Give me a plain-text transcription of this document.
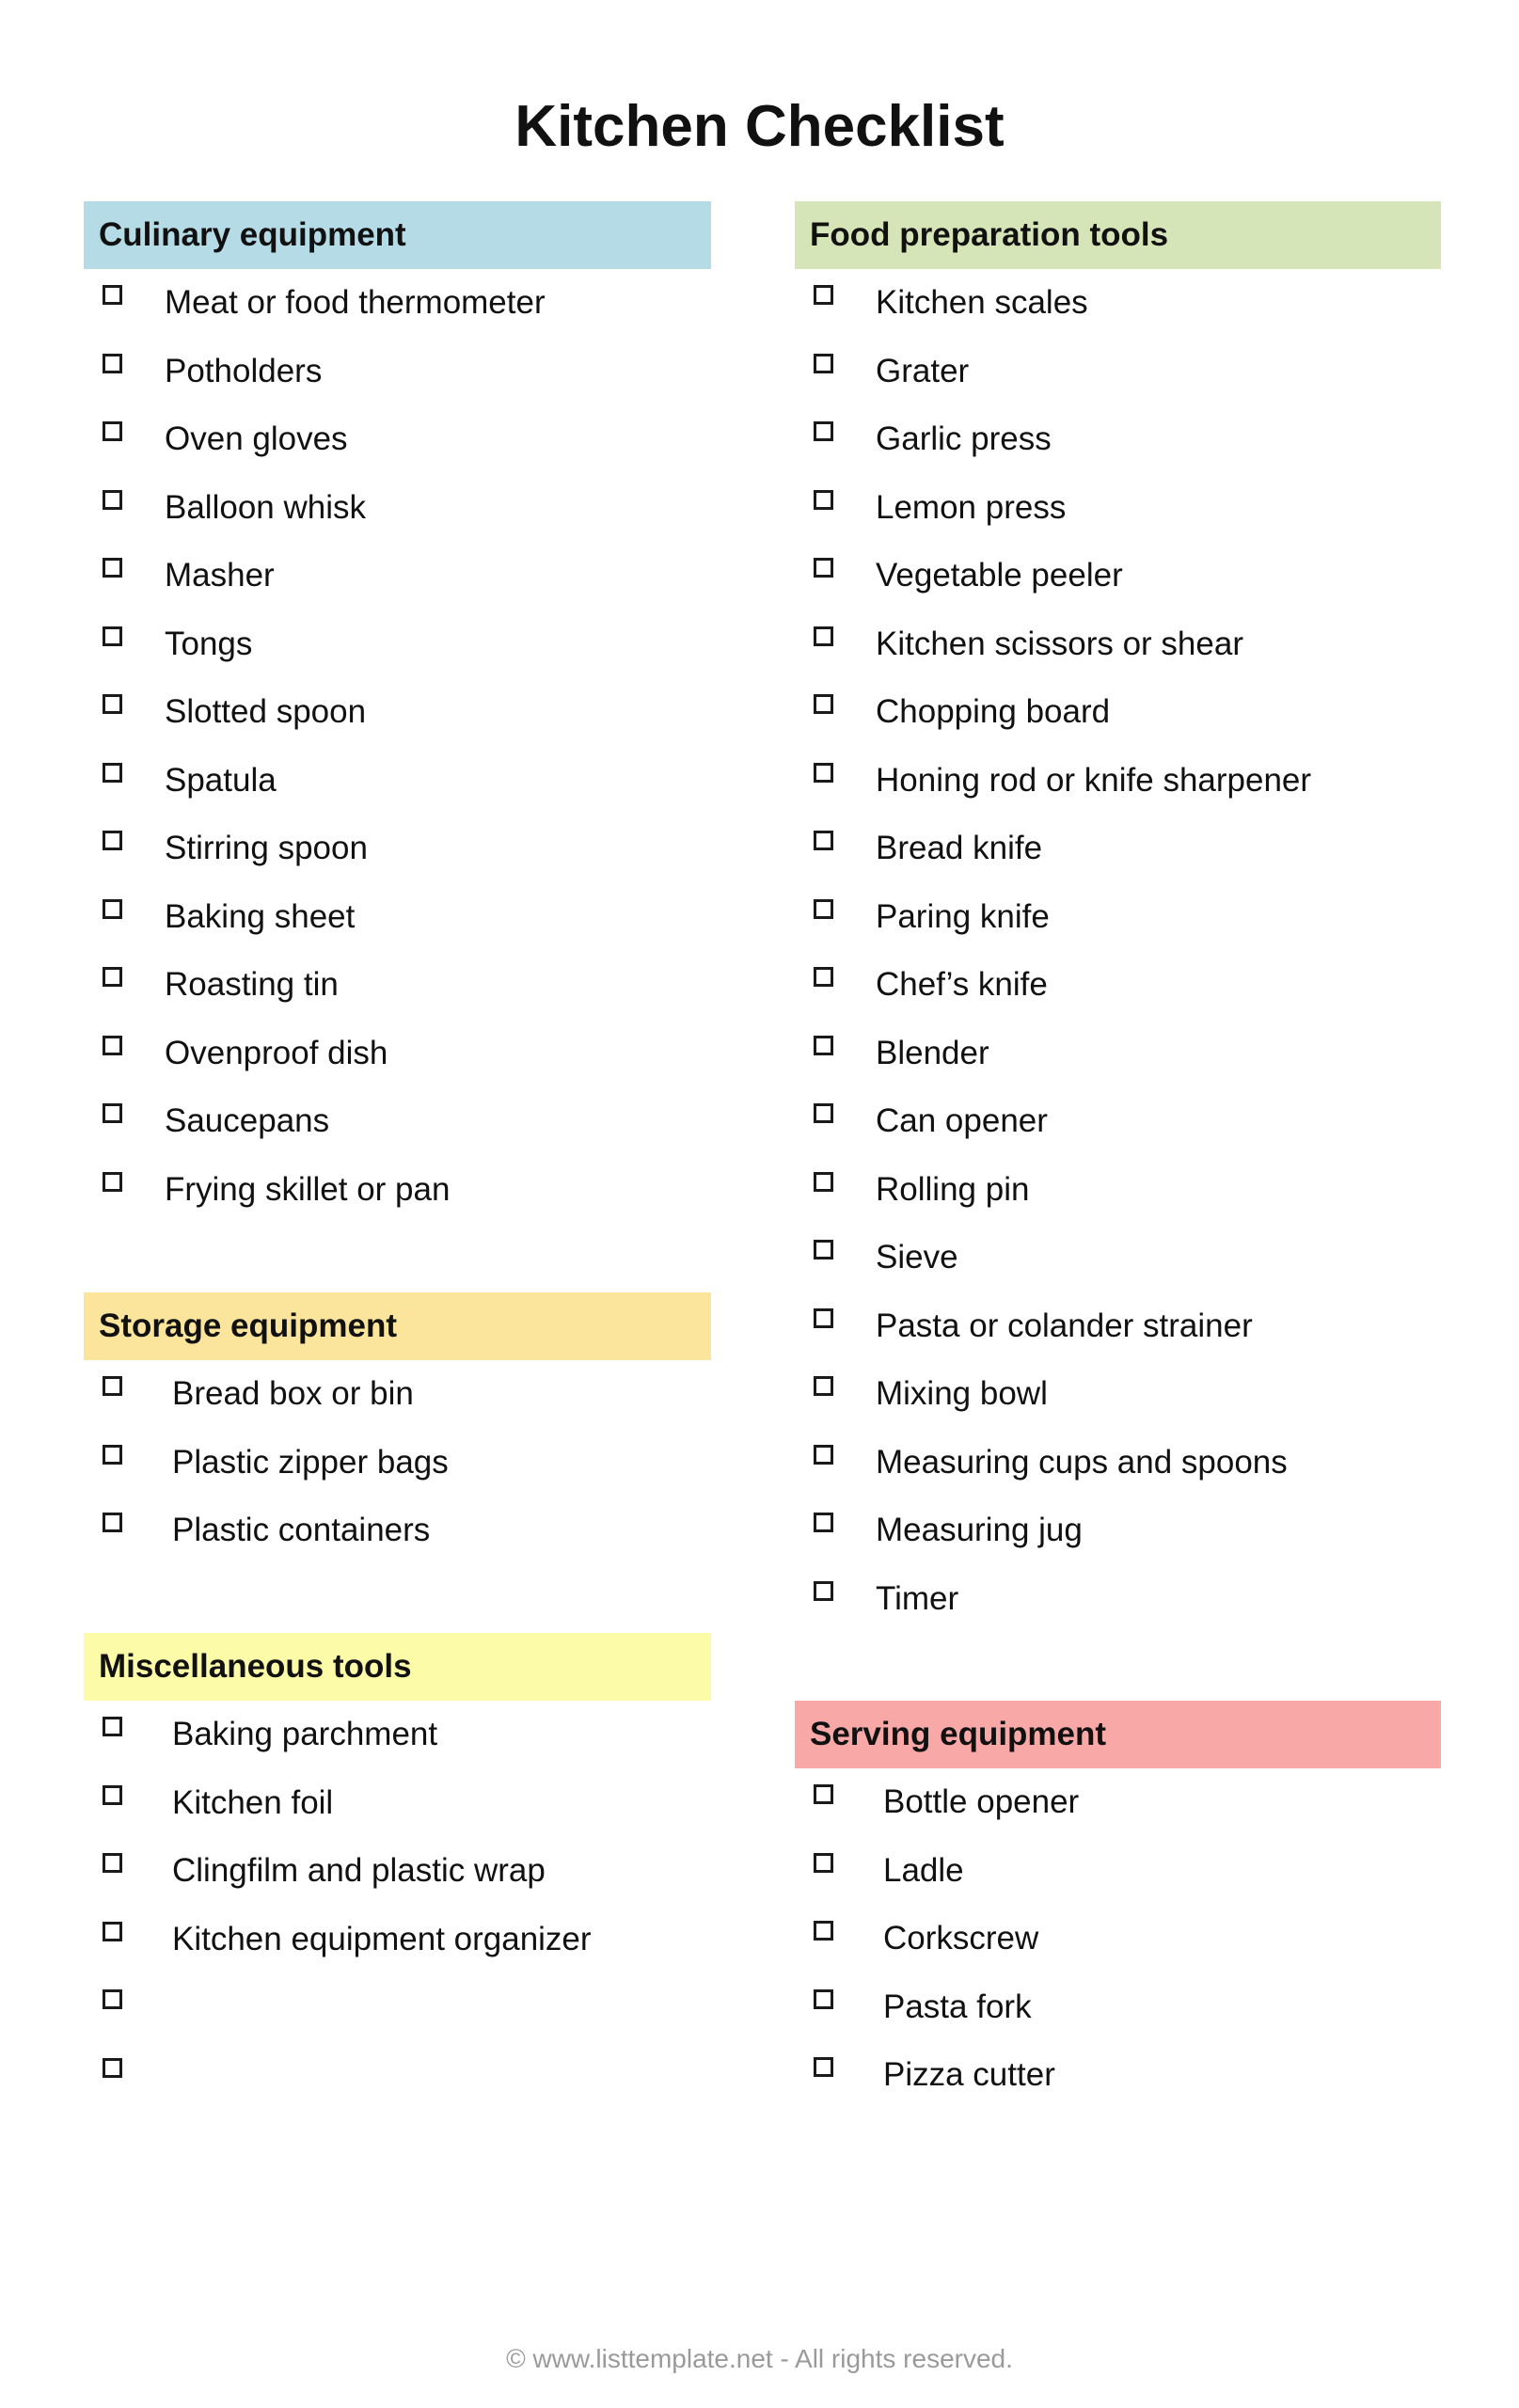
Kitchen Checklist
Culinary equipment
Meat or food thermometer
Potholders
Oven gloves
Balloon whisk
Masher
Tongs
Slotted spoon
Spatula
Stirring spoon
Baking sheet
Roasting tin
Ovenproof dish
Saucepans
Frying skillet or pan
Storage equipment
Bread box or bin
Plastic zipper bags
Plastic containers
Miscellaneous tools
Baking parchment
Kitchen foil
Clingfilm and plastic wrap
Kitchen equipment organizer
Food preparation tools
Kitchen scales
Grater
Garlic press
Lemon press
Vegetable peeler
Kitchen scissors or shear
Chopping board
Honing rod or knife sharpener
Bread knife
Paring knife
Chef’s knife
Blender
Can opener
Rolling pin
Sieve
Pasta or colander strainer
Mixing bowl
Measuring cups and spoons
Measuring jug
Timer
Serving equipment
Bottle opener
Ladle
Corkscrew
Pasta fork
Pizza cutter
© www.listtemplate.net - All rights reserved.
